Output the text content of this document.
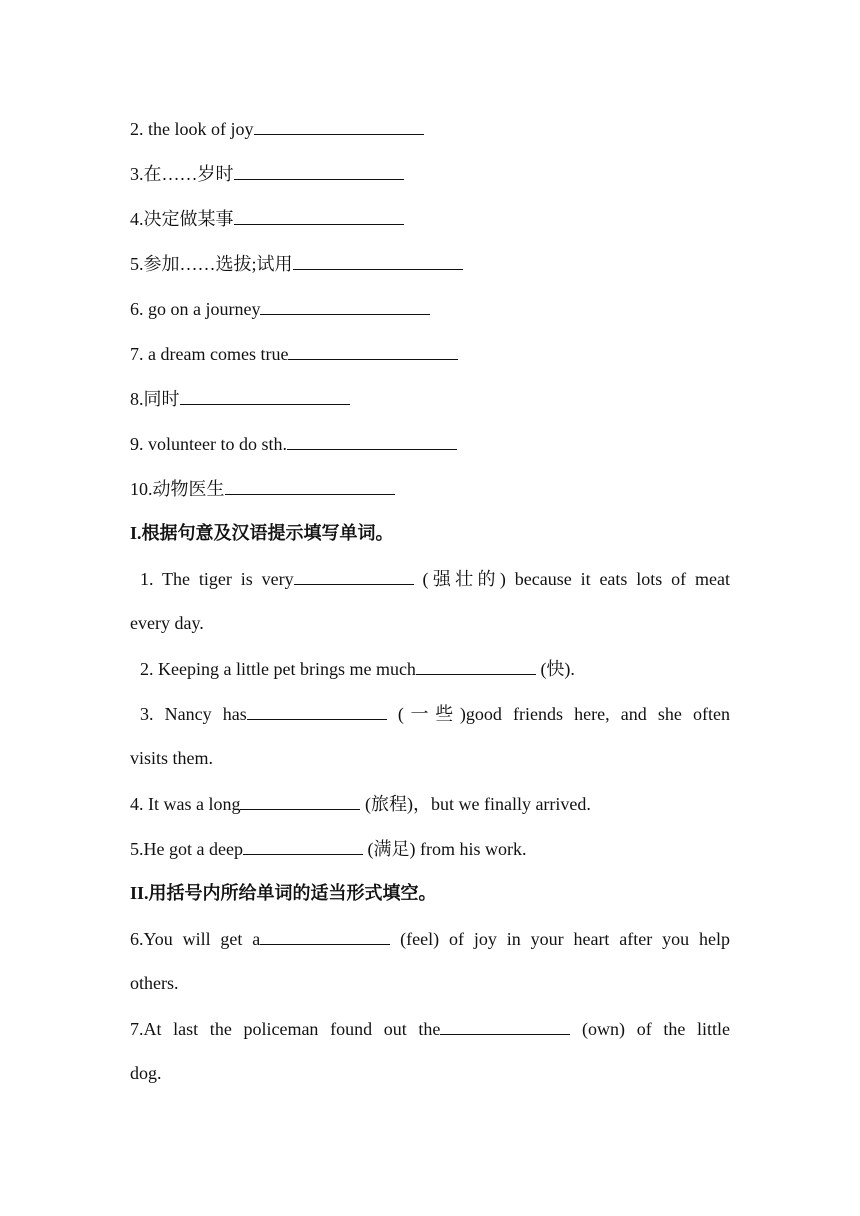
2. the look of joy
3.在……岁时
4.决定做某事
5.参加……选拔;试用
6. go on a journey
7. a dream comes true
8.同时
9. volunteer to do sth.
10.动物医生
I.根据句意及汉语提示填写单词。
1. The tiger is very	(强壮的) because it eats lots of meat
every day.
2. Keeping a little pet brings me much	(快).
3. Nancy has	(一些)good friends here, and she often
visits them.
4. It was a long	(旅程)，but we finally arrived.
5.He got a deep	(满足) from his work.
II.用括号内所给单词的适当形式填空。
6.You will get a	(feel) of joy in your heart after you help
others.
7.At last the policeman found out the	(own) of the little
dog.
